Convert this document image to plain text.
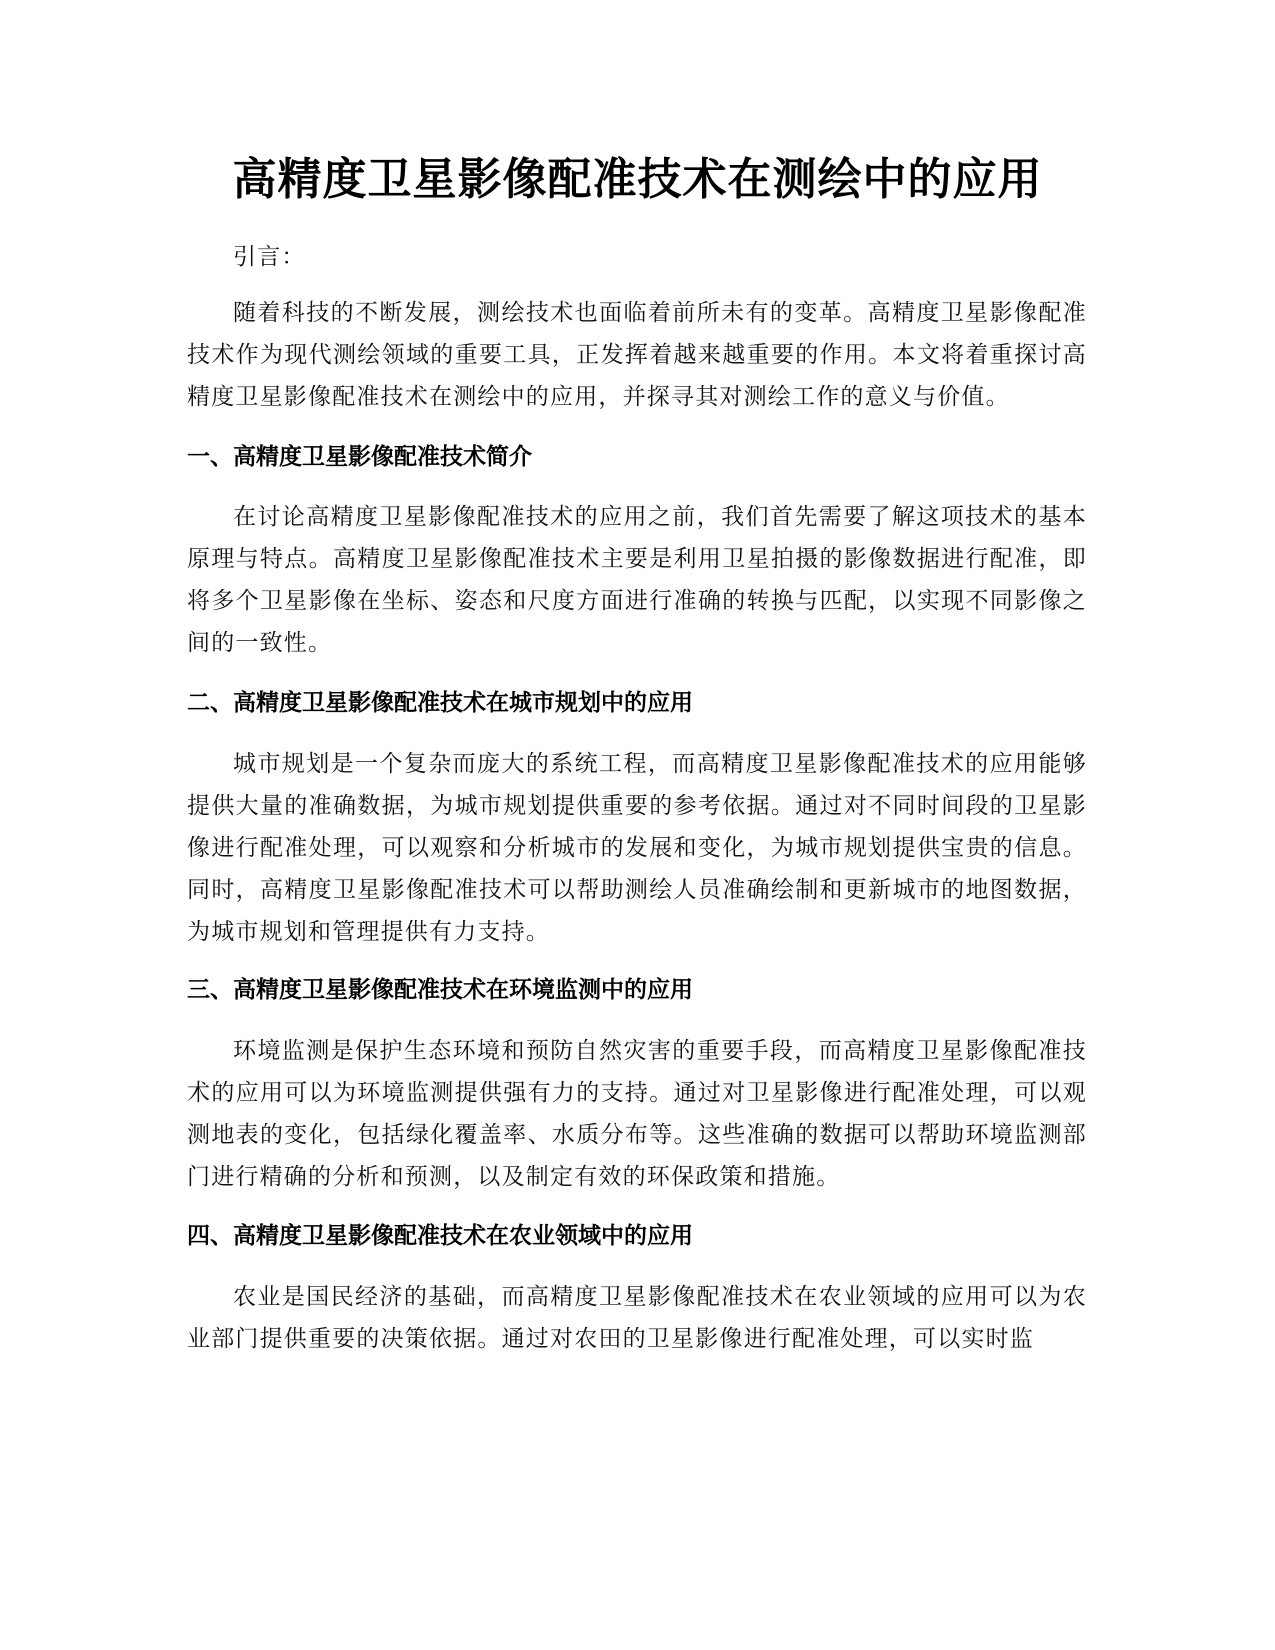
高精度卫星影像配准技术在测绘中的应用

引言：

随着科技的不断发展，测绘技术也面临着前所未有的变革。高精度卫星影像配准技术作为现代测绘领域的重要工具，正发挥着越来越重要的作用。本文将着重探讨高精度卫星影像配准技术在测绘中的应用，并探寻其对测绘工作的意义与价值。

一、高精度卫星影像配准技术简介

在讨论高精度卫星影像配准技术的应用之前，我们首先需要了解这项技术的基本原理与特点。高精度卫星影像配准技术主要是利用卫星拍摄的影像数据进行配准，即将多个卫星影像在坐标、姿态和尺度方面进行准确的转换与匹配，以实现不同影像之间的一致性。

二、高精度卫星影像配准技术在城市规划中的应用

城市规划是一个复杂而庞大的系统工程，而高精度卫星影像配准技术的应用能够提供大量的准确数据，为城市规划提供重要的参考依据。通过对不同时间段的卫星影像进行配准处理，可以观察和分析城市的发展和变化，为城市规划提供宝贵的信息。同时，高精度卫星影像配准技术可以帮助测绘人员准确绘制和更新城市的地图数据，为城市规划和管理提供有力支持。

三、高精度卫星影像配准技术在环境监测中的应用

环境监测是保护生态环境和预防自然灾害的重要手段，而高精度卫星影像配准技术的应用可以为环境监测提供强有力的支持。通过对卫星影像进行配准处理，可以观测地表的变化，包括绿化覆盖率、水质分布等。这些准确的数据可以帮助环境监测部门进行精确的分析和预测，以及制定有效的环保政策和措施。

四、高精度卫星影像配准技术在农业领域中的应用

农业是国民经济的基础，而高精度卫星影像配准技术在农业领域的应用可以为农业部门提供重要的决策依据。通过对农田的卫星影像进行配准处理，可以实时监
